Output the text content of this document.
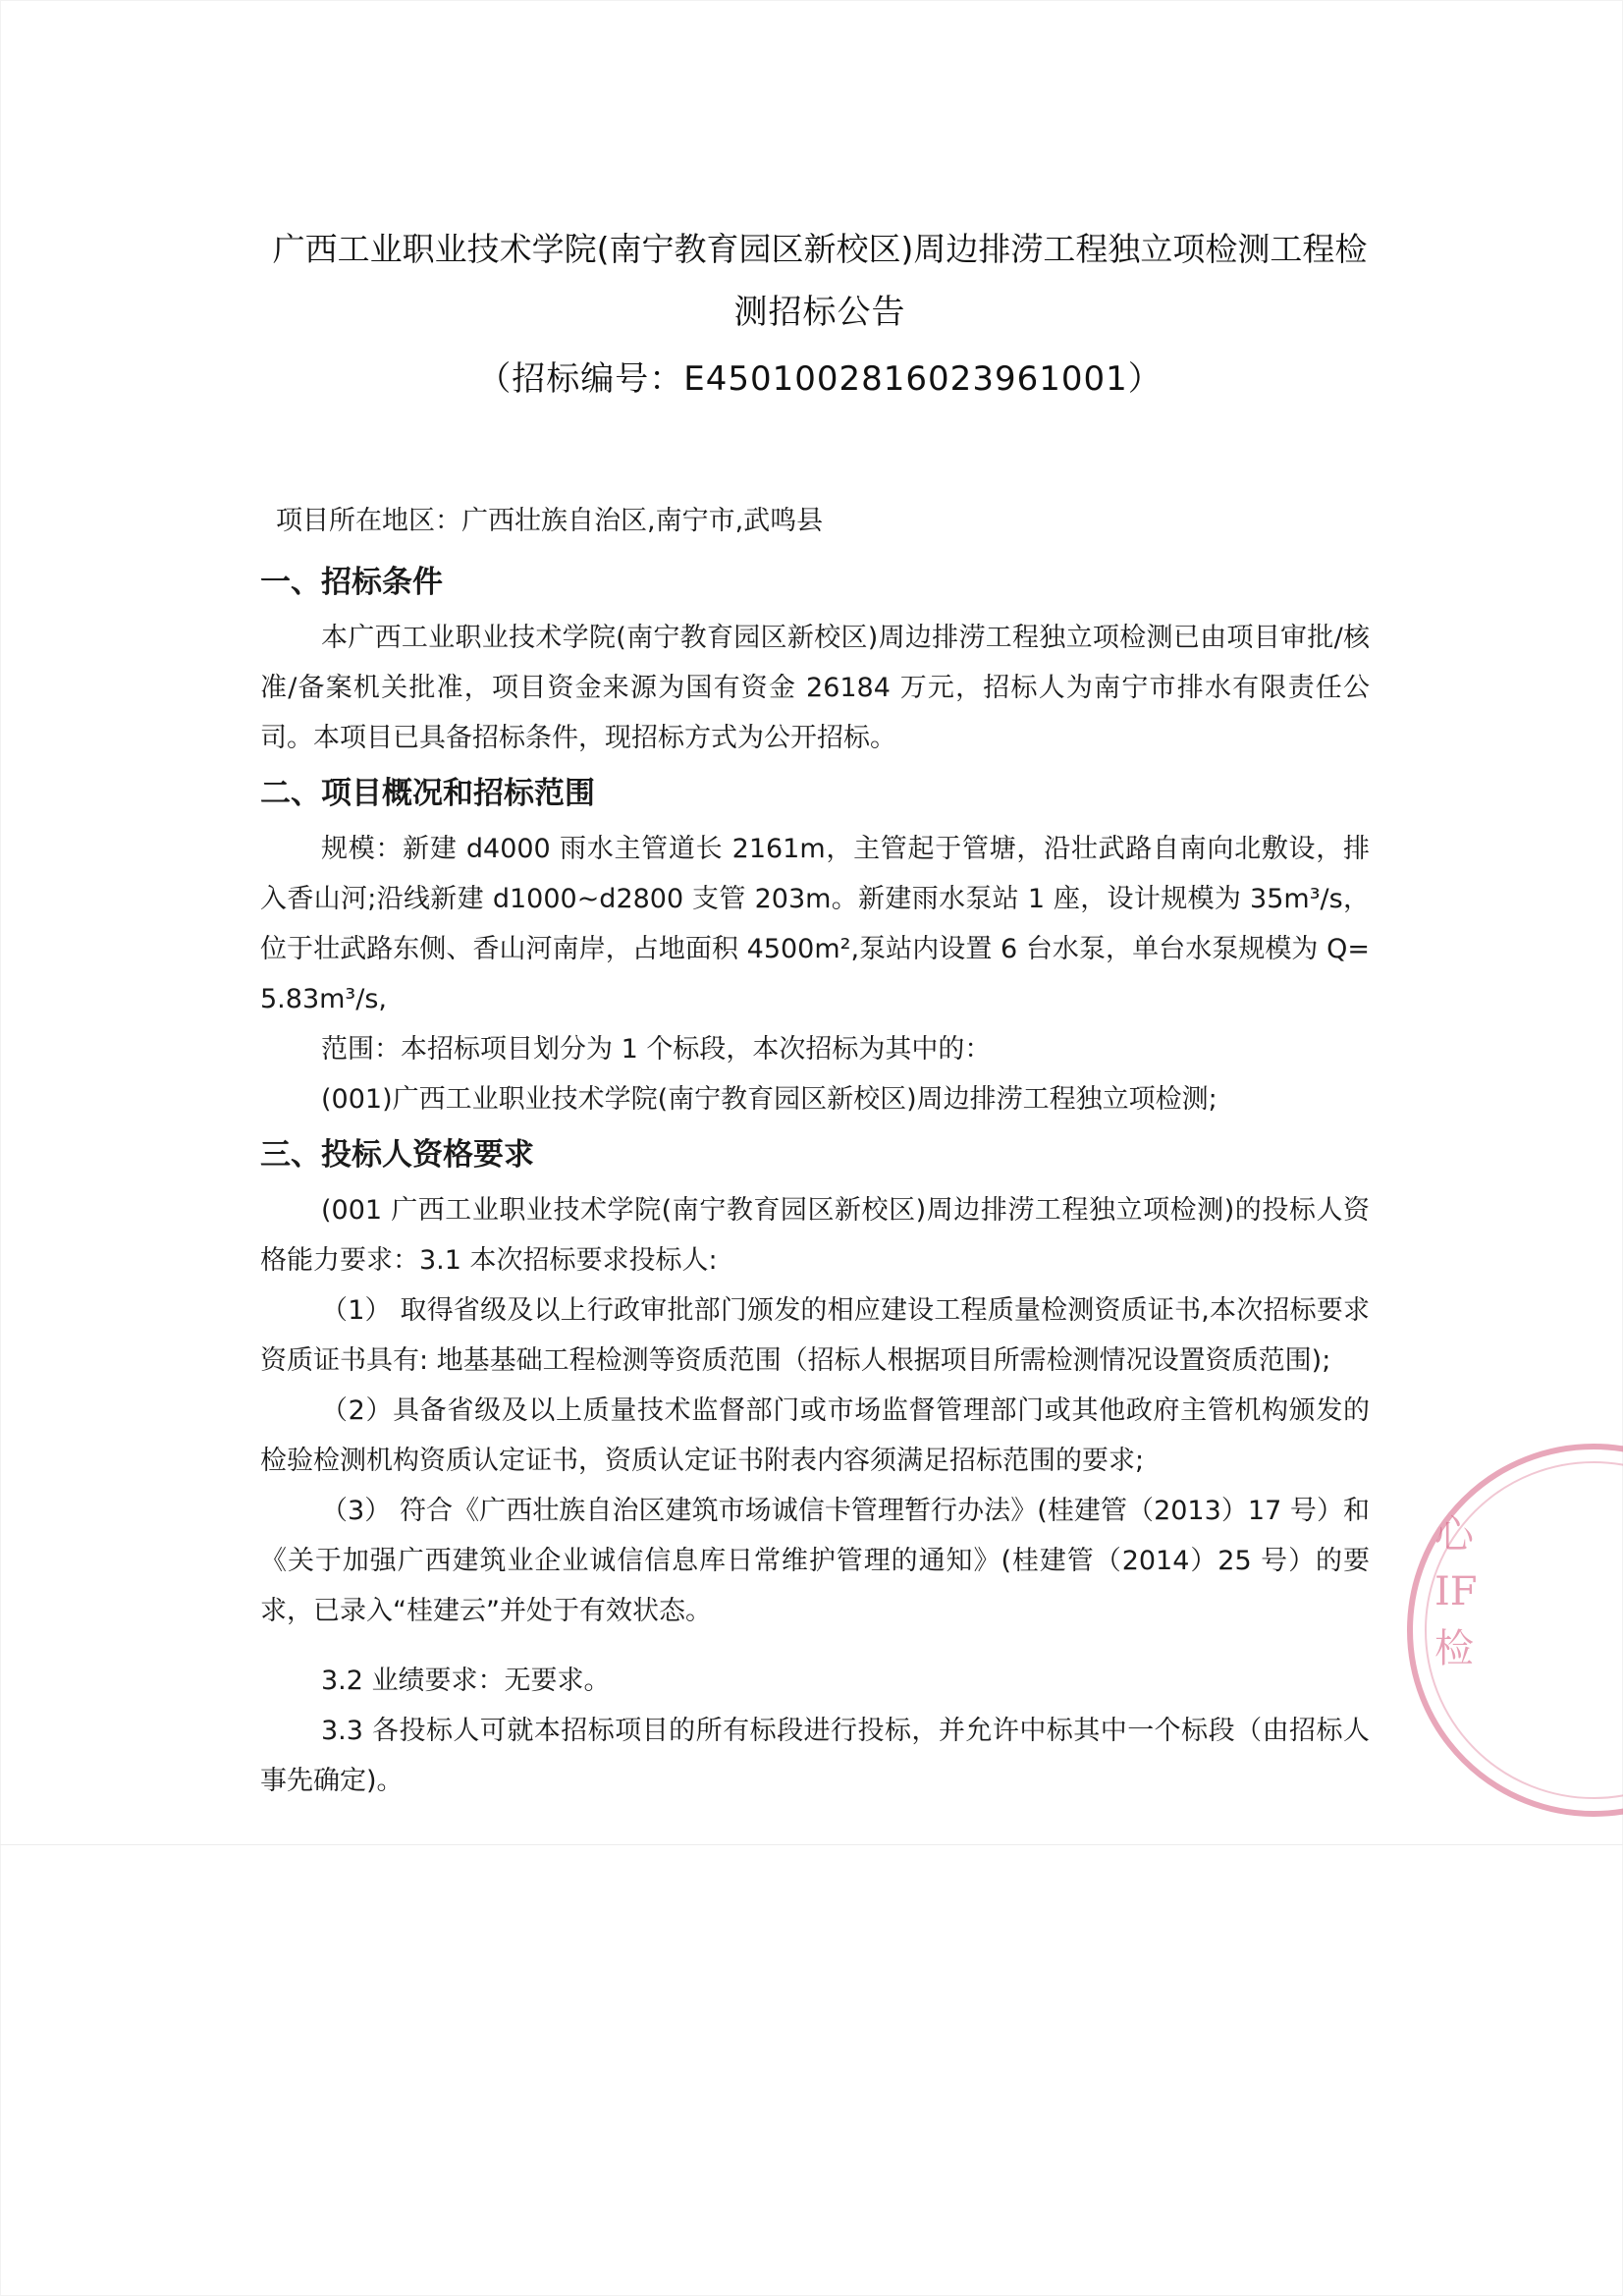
广西工业职业技术学院(南宁教育园区新校区)周边排涝工程独立项检测工程检
测招标公告
（招标编号：E4501002816023961001）
项目所在地区：广西壮族自治区,南宁市,武鸣县
一、招标条件
本广西工业职业技术学院(南宁教育园区新校区)周边排涝工程独立项检测已由项目审批/核准/备案机关批准，项目资金来源为国有资金 26184 万元，招标人为南宁市排水有限责任公司。本项目已具备招标条件，现招标方式为公开招标。
二、项目概况和招标范围
规模：新建 d4000 雨水主管道长 2161m，主管起于管塘，沿壮武路自南向北敷设，排入香山河;沿线新建 d1000~d2800 支管 203m。新建雨水泵站 1 座，设计规模为 35m³/s，位于壮武路东侧、香山河南岸，占地面积 4500m²,泵站内设置 6 台水泵，单台水泵规模为 Q=5.83m³/s,
范围：本招标项目划分为 1 个标段，本次招标为其中的：
(001)广西工业职业技术学院(南宁教育园区新校区)周边排涝工程独立项检测;
三、投标人资格要求
(001 广西工业职业技术学院(南宁教育园区新校区)周边排涝工程独立项检测)的投标人资格能力要求：3.1 本次招标要求投标人:
（1） 取得省级及以上行政审批部门颁发的相应建设工程质量检测资质证书,本次招标要求资质证书具有: 地基基础工程检测等资质范围（招标人根据项目所需检测情况设置资质范围);
（2）具备省级及以上质量技术监督部门或市场监督管理部门或其他政府主管机构颁发的检验检测机构资质认定证书，资质认定证书附表内容须满足招标范围的要求;
（3） 符合《广西壮族自治区建筑市场诚信卡管理暂行办法》(桂建管（2013）17 号）和《关于加强广西建筑业企业诚信信息库日常维护管理的通知》(桂建管（2014）25 号）的要求，已录入“桂建云”并处于有效状态。
3.2 业绩要求：无要求。
3.3 各投标人可就本招标项目的所有标段进行投标，并允许中标其中一个标段（由招标人事先确定)。
心
IF
检
